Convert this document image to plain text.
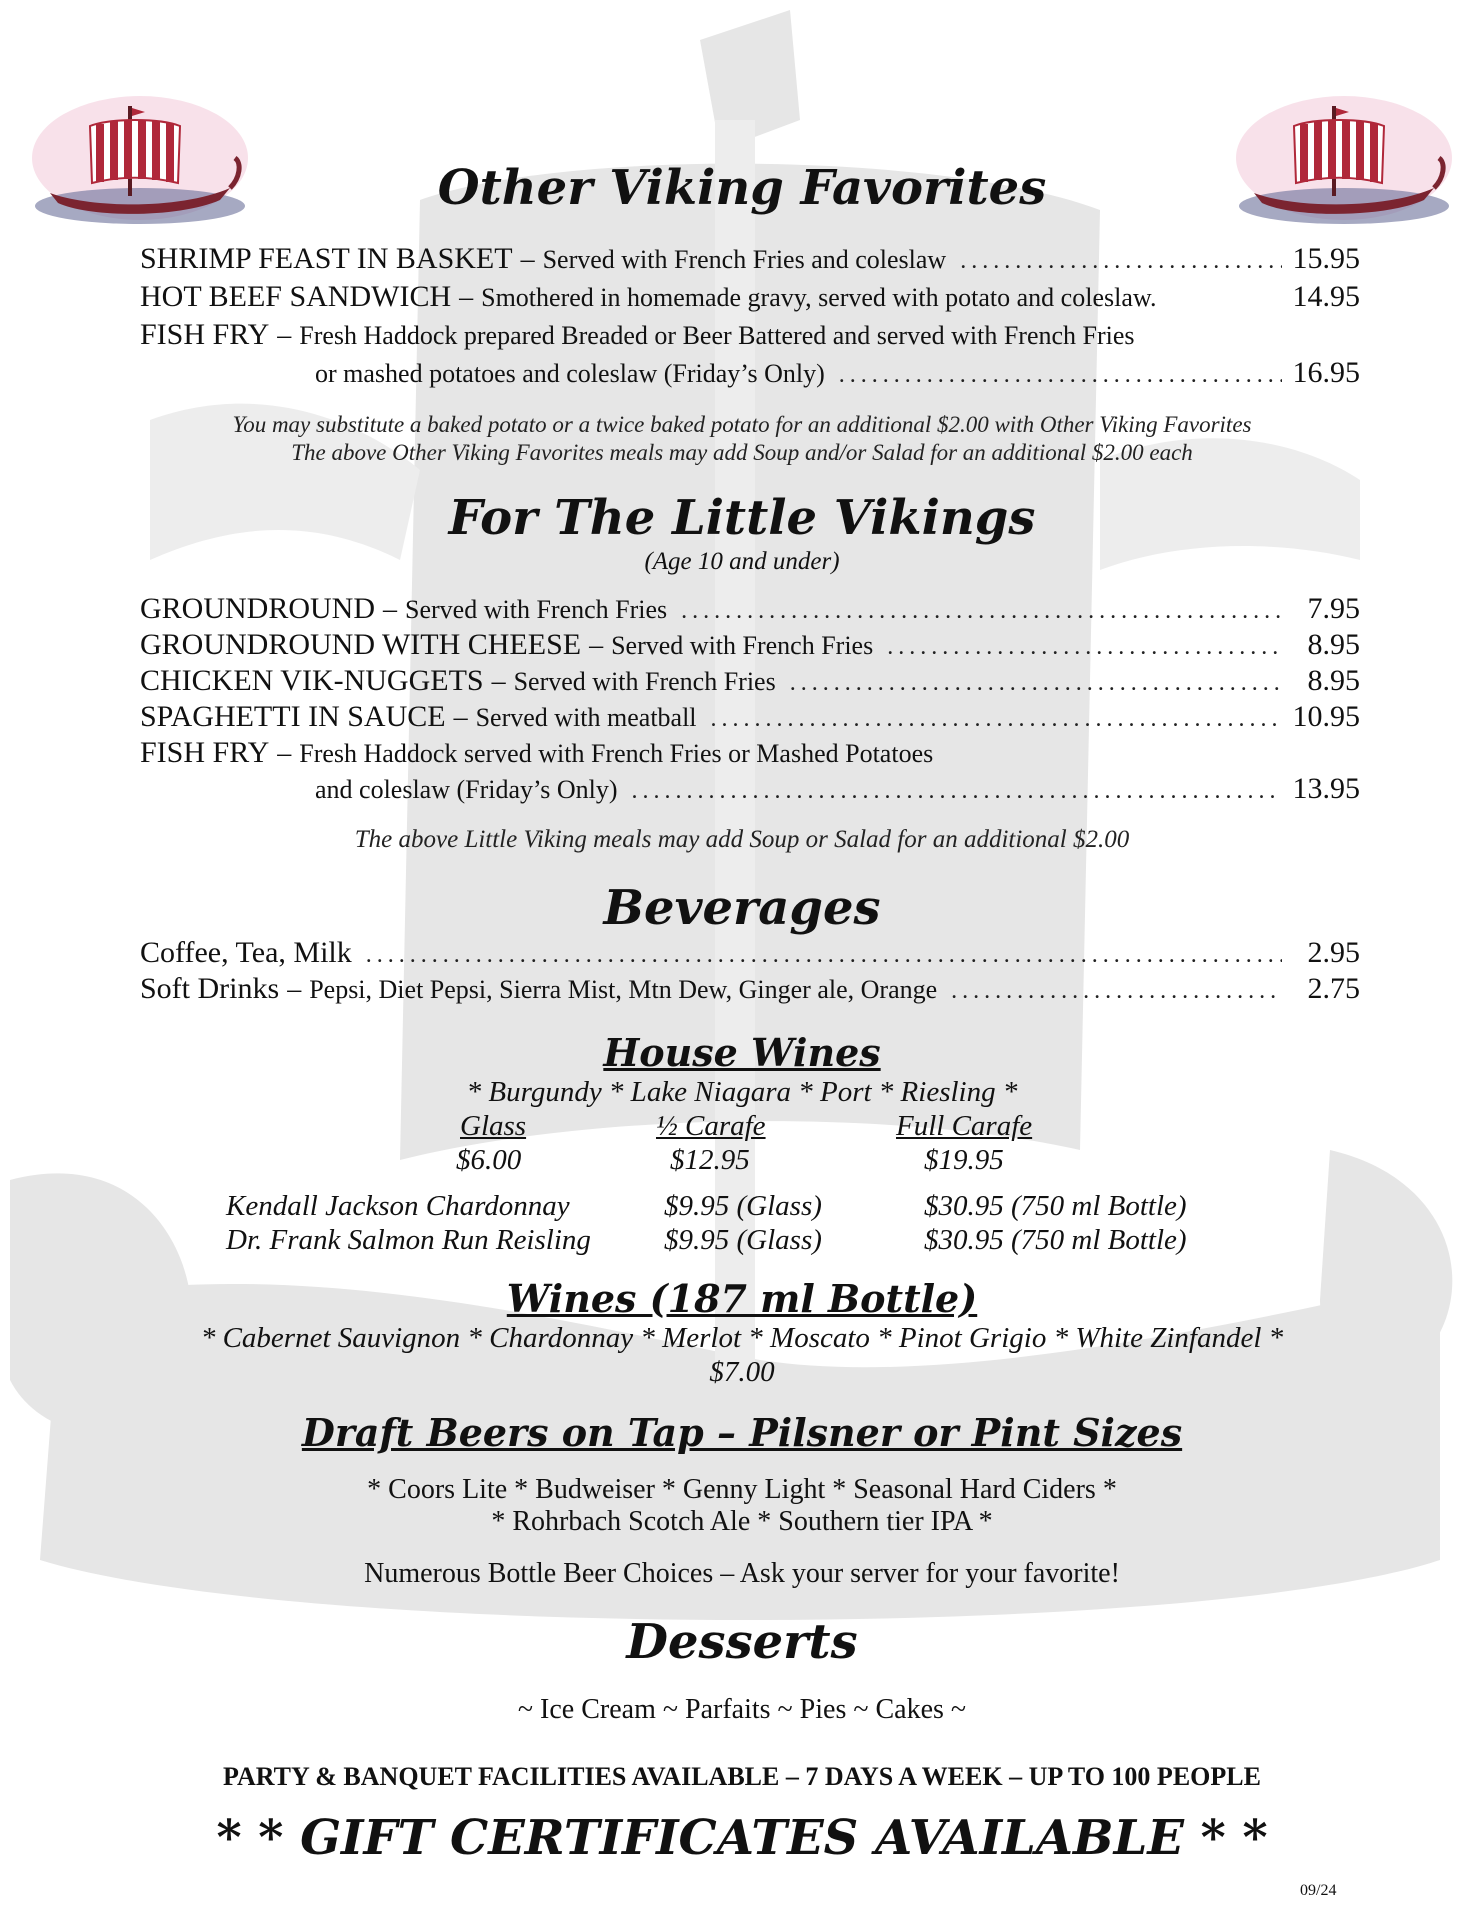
Other Viking Favorites
SHRIMP FEAST IN BASKET – Served with French Fries and coleslaw .....	15.95
HOT BEEF SANDWICH – Smothered in homemade gravy, served with potato and coleslaw.	14.95
FISH FRY – Fresh Haddock prepared Breaded or Beer Battered and served with French Fries
or mashed potatoes and coleslaw (Friday’s Only) .....	16.95
You may substitute a baked potato or a twice baked potato for an additional $2.00 with Other Viking Favorites
The above Other Viking Favorites meals may add Soup and/or Salad for an additional $2.00 each
For The Little Vikings
(Age 10 and under)
GROUNDROUND – Served with French Fries .....	7.95
GROUNDROUND WITH CHEESE – Served with French Fries .....	8.95
CHICKEN VIK-NUGGETS – Served with French Fries .....	8.95
SPAGHETTI IN SAUCE – Served with meatball .....	10.95
FISH FRY – Fresh Haddock served with French Fries or Mashed Potatoes
and coleslaw (Friday’s Only) .....	13.95
The above Little Viking meals may add Soup or Salad for an additional $2.00
Beverages
Coffee, Tea, Milk .....	2.95
Soft Drinks – Pepsi, Diet Pepsi, Sierra Mist, Mtn Dew, Ginger ale, Orange .....	2.75
House Wines
* Burgundy * Lake Niagara * Port * Riesling *
Glass	½ Carafe	Full Carafe
$6.00	$12.95	$19.95
Kendall Jackson Chardonnay	$9.95 (Glass)	$30.95 (750 ml Bottle)
Dr. Frank Salmon Run Reisling	$9.95 (Glass)	$30.95 (750 ml Bottle)
Wines (187 ml Bottle)
* Cabernet Sauvignon * Chardonnay * Merlot * Moscato * Pinot Grigio * White Zinfandel *
$7.00
Draft Beers on Tap – Pilsner or Pint Sizes
* Coors Lite * Budweiser * Genny Light * Seasonal Hard Ciders *
* Rohrbach Scotch Ale * Southern tier IPA *
Numerous Bottle Beer Choices – Ask your server for your favorite!
Desserts
~ Ice Cream ~ Parfaits ~ Pies ~ Cakes ~
PARTY & BANQUET FACILITIES AVAILABLE – 7 DAYS A WEEK – UP TO 100 PEOPLE
* * GIFT CERTIFICATES AVAILABLE * *
09/24
